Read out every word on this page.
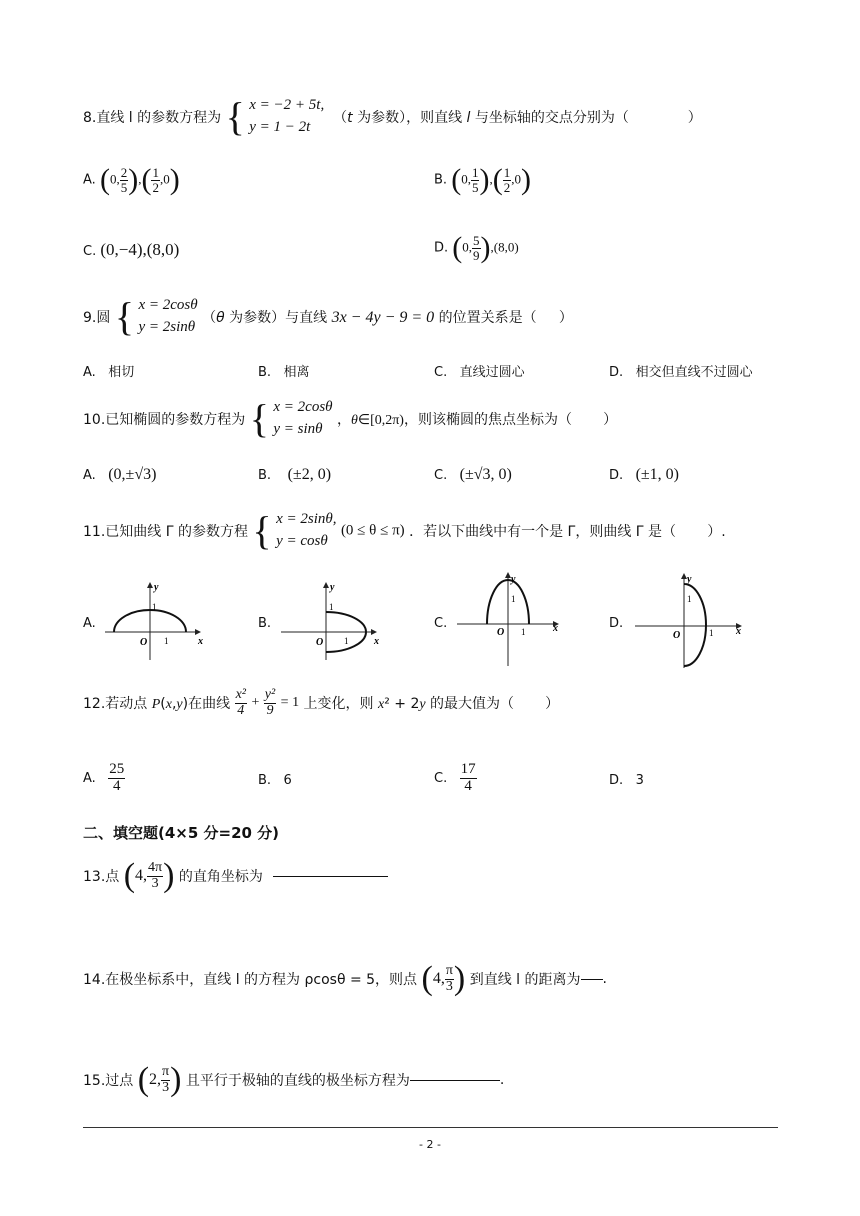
8.直线 l 的参数方程为 { x = −2 + 5t,
y = 1 − 2t
（t 为参数），则直线 l 与坐标轴的交点分别为（	）
A. (0, $\frac{2}{5}$ ),( $\frac{1}{2} ,0$)	B. (0, $\frac{1}{5}$ ),( $\frac{1}{2} ,0$)
C. (0,−4),(8,0)	D. (0, $\frac{5}{9} ),(8,0)$
9.圆 { x = 2cosθ
y = 2sinθ
（θ 为参数）与直线 3x − 4y − 9 = 0 的位置关系是（     ）
A. 相切	B. 相离	C. 直线过圆心	D. 相交但直线不过圆心
10.已知椭圆的参数方程为 { x = 2cosθ
y = sinθ
，θ∈[0,2π)，则该椭圆的焦点坐标为（       ）
A. (0,±√3)	B. (±2, 0)	C. (±√3, 0)	D. (±1, 0)
11.已知曲线 Γ 的参数方程 { x = 2sinθ,
y = cosθ
(0 ≤ θ ≤ π) ．若以下曲线中有一个是 Γ，则曲线 Γ 是（       ）.
A.	B.	C.	D.
y
x
O
1
1
y
x
O
1
1
y
x
O
1
1
y
x
O
1
1
12.若动点 P(x,y)在曲线 $\frac{\text{x²}}{4} + \frac{\text{y²}}{9} = 1$ 上变化，则 x² + 2y 的最大值为（       ）
A. $\frac{25}{4}$	B. 6	C. $\frac{17}{4}$	D. 3
二、填空题(4×5 分=20 分)
13.点 (4, $\frac{4\pi}{3}$ ) 的直角坐标为
14.在极坐标系中，直线 l 的方程为 ρcosθ = 5，则点 (4, $\frac{\pi}{3}$ ) 到直线 l 的距离为 .
15.过点 (2, $\frac{\pi}{3}$ ) 且平行于极轴的直线的极坐标方程为	.
- 2 -
